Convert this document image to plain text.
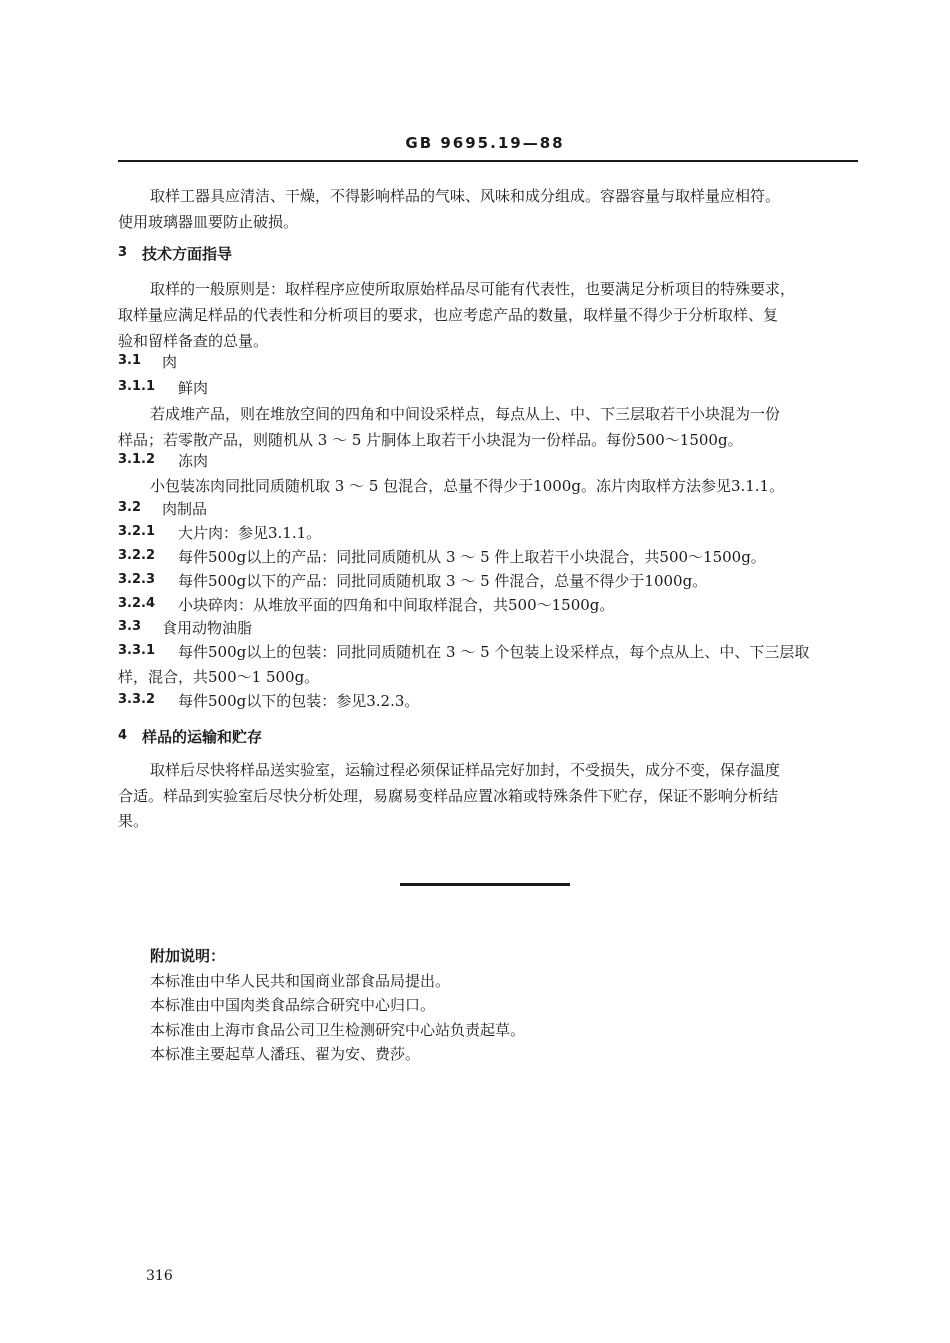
GB 9695.19—88
取样工器具应清洁、干燥，不得影响样品的气味、风味和成分组成。容器容量与取样量应相符。
使用玻璃器皿要防止破损。
3 技术方面指导
取样的一般原则是：取样程序应使所取原始样品尽可能有代表性，也要满足分析项目的特殊要求，
取样量应满足样品的代表性和分析项目的要求，也应考虑产品的数量，取样量不得少于分析取样、复
验和留样备查的总量。
3.1 肉
3.1.1 鲜肉
若成堆产品，则在堆放空间的四角和中间设采样点，每点从上、中、下三层取若干小块混为一份
样品；若零散产品，则随机从 3 ～ 5 片胴体上取若干小块混为一份样品。每份500～1500g。
3.1.2 冻肉
小包装冻肉同批同质随机取 3 ～ 5 包混合，总量不得少于1000g。冻片肉取样方法参见3.1.1。
3.2 肉制品
3.2.1 大片肉：参见3.1.1。
3.2.2 每件500g以上的产品：同批同质随机从 3 ～ 5 件上取若干小块混合，共500～1500g。
3.2.3 每件500g以下的产品：同批同质随机取 3 ～ 5 件混合，总量不得少于1000g。
3.2.4 小块碎肉：从堆放平面的四角和中间取样混合，共500～1500g。
3.3 食用动物油脂
3.3.1 每件500g以上的包装：同批同质随机在 3 ～ 5 个包装上设采样点，每个点从上、中、下三层取
样，混合，共500～1 500g。
3.3.2 每件500g以下的包装：参见3.2.3。
4 样品的运输和贮存
取样后尽快将样品送实验室，运输过程必须保证样品完好加封，不受损失，成分不变，保存温度
合适。样品到实验室后尽快分析处理，易腐易变样品应置冰箱或特殊条件下贮存，保证不影响分析结
果。
附加说明：
本标准由中华人民共和国商业部食品局提出。
本标准由中国肉类食品综合研究中心归口。
本标准由上海市食品公司卫生检测研究中心站负责起草。
本标准主要起草人潘珏、翟为安、费莎。
316
